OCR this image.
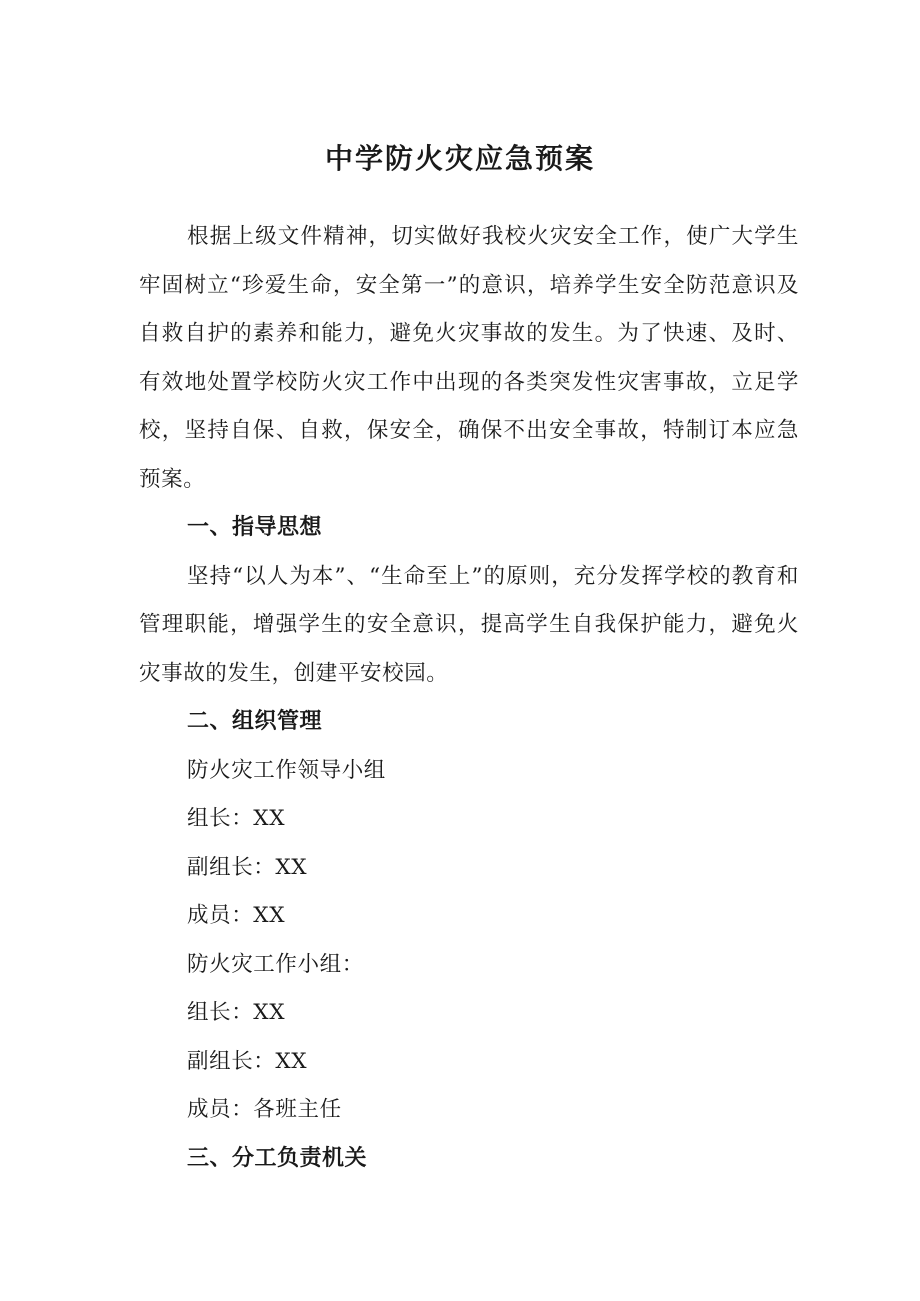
中学防火灾应急预案

根据上级文件精神，切实做好我校火灾安全工作，使广大学生牢固树立“珍爱生命，安全第一”的意识，培养学生安全防范意识及自救自护的素养和能力，避免火灾事故的发生。为了快速、及时、有效地处置学校防火灾工作中出现的各类突发性灾害事故，立足学校，坚持自保、自救，保安全，确保不出安全事故，特制订本应急预案。

一、指导思想

坚持“以人为本”、“生命至上”的原则，充分发挥学校的教育和管理职能，增强学生的安全意识，提高学生自我保护能力，避免火灾事故的发生，创建平安校园。

二、组织管理

防火灾工作领导小组

组长：XX

副组长：XX

成员：XX

防火灾工作小组：

组长：XX

副组长：XX

成员：各班主任

三、分工负责机关
